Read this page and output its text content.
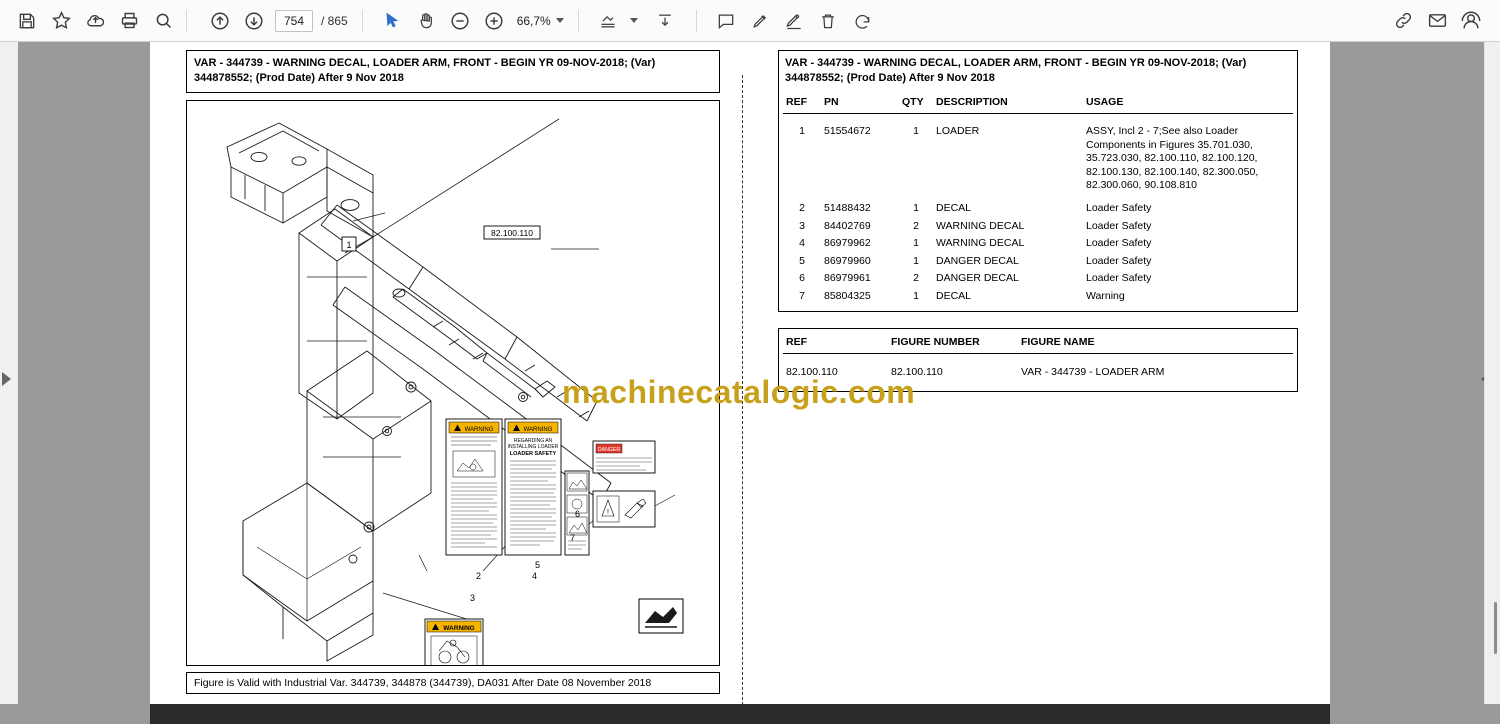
754	/ 865	66,7%
VAR - 344739 - WARNING DECAL, LOADER ARM, FRONT - BEGIN YR 09-NOV-2018; (Var) 344878552; (Prod Date) After 9 Nov 2018
1
82.100.110
WARNING	WARNING
REGARDING AN
INSTALLING LOADER
LOADER SAFETY
DANGER
!
2
3
4
5
6
7
WARNING

Figure is Valid with Industrial Var. 344739, 344878 (344739), DA031 After Date 08 November 2018
VAR - 344739 - WARNING DECAL, LOADER ARM, FRONT - BEGIN YR 09-NOV-2018; (Var) 344878552; (Prod Date) After 9 Nov 2018
REF	PN	QTY	DESCRIPTION	USAGE

1	51554672	1	LOADER	ASSY, Incl 2 - 7;See also Loader Components in Figures 35.701.030, 35.723.030, 82.100.110, 82.100.120, 82.100.130, 82.100.140, 82.300.050, 82.300.060, 90.108.810

2	51488432	1	DECAL	Loader Safety
3	84402769	2	WARNING DECAL	Loader Safety
4	86979962	1	WARNING DECAL	Loader Safety
5	86979960	1	DANGER DECAL	Loader Safety
6	86979961	2	DANGER DECAL	Loader Safety
7	85804325	1	DECAL	Warning
REF	FIGURE NUMBER	FIGURE NAME

82.100.110	82.100.110	VAR - 344739 - LOADER ARM
machinecatalogic.com
